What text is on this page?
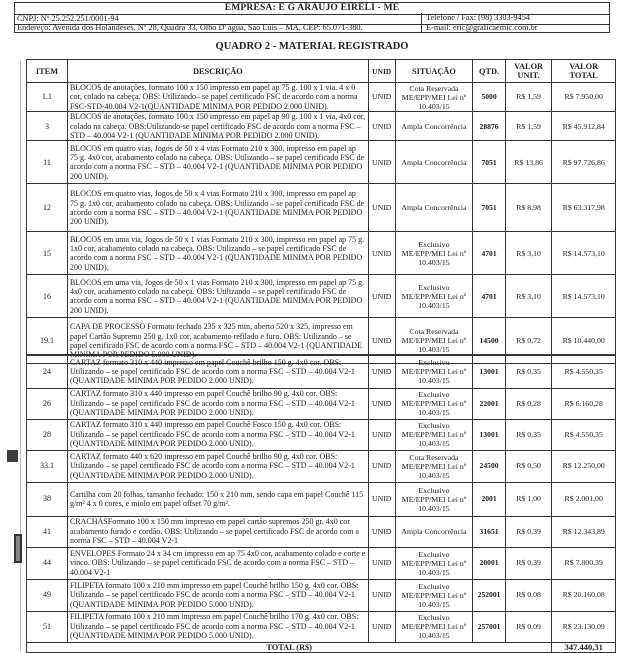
EMPRESA: E G ARAUJO EIRELI - ME
CNPJ: Nº 25.252.251/0001-94	Telefone / Fax: (98) 3303-9454
Endereço: Avenida dos Holandeses, Nº 28, Quadra 33, Olho D' água, São Luis – MA, CEP: 65.071-380.	E-mail: eric@graficaemic.com.br
QUADRO 2 - MATERIAL REGISTRADO
ITEM	DESCRIÇÃO	UNID	SITUAÇÃO	QTD.	VALOR UNIT.	VALOR TOTAL
1.1	BLOCOS de anotações, formato 100 x 150 impresso em papel ap 75 g. 100 x 1 via. 4 x 0 cor, colado na cabeça. OBS: Utilizando– se papel certificado FSC de acordo com a norma FSC-STD-40.004 V2-1(QUANTIDADE MINIMA POR PEDIDO 2.000 UNID).	UNID	Cota Reservada ME/EPP/MEI Lei nº 10.403/15	5000	R$ 1,59	R$ 7.950,00
3	BLOCOS de anotações, formato 100 x 150 impresso em papel ap 90 g. 100 x 1 via, 4x0 cor, colado na cabeça. OBS:Utilizando-se papel certificado FSC de acordo com a norma FSC – STD – 40.004 V2-1 (QUANTIDADE MINIMA POR PEDIDO 2.000 UNID).	UNID	Ampla Concorrência	28876	R$ 1,59	R$ 45.912,84
11	BLOCOS em quatro vias, Jogos de 50 x 4 vias Formato 210 x 300, impresso em papel ap 75 g. 4x0 cor, acabamento colado na cabeça. OBS: Utilizando – se papel certificado FSC de acordo com a norma FSC – STD – 40.004 V2-1 (QUANTIDADE MINIMA POR PEDIDO 200 UNID).	UNID	Ampla Concorrência	7051	R$ 13,86	R$ 97.726,86
12	BLOCOS em quatro vias, Jogos de 50 x 4 vias Formato 210 x 300, impresso em papel ap 75 g. 1x0 cor, acabamento colado na cabeça. OBS: Utilizando – se papel certificado FSC de acordo com a norma FSC – STD – 40.004 V2-1 (QUANTIDADE MINIMA POR PEDIDO 200 UNID).	UNID	Ampla Concorrência	7051	R$ 8,98	R$ 63.317,98
15	BLOCOS em uma via, Jogos de 50 x 1 vias Formato 210 x 300, impresso em papel ap 75 g. 1x0 cor, acabamento colado na cabeça. OBS: Utilizando – se papel certificado FSC de acordo com a norma FSC – STD – 40.004 V2-1 (QUANTIDADE MINIMA POR PEDIDO 200 UNID).	UNID	Exclusivo ME/EPP/MEI Lei nº 10.403/15	4701	R$ 3,10	R$ 14.573,10
16	BLOCOS em uma via, Jogos de 50 x 1 vias Formato 210 x 300, impresso em papel ap 75 g. 4x0 cor, acabamento colado na cabeça. OBS: Utilizando – se papel certificado FSC de acordo com a norma FSC – STD – 40.004 V2-1 (QUANTIDADE MINIMA POR PEDIDO 200 UNID).	UNID	Exclusivo ME/EPP/MEI Lei nº 10.403/15	4701	R$ 3,10	R$ 14.573,10
19.1	CAPA DE PROCESSO Formato fechado 235 x 325 mm, aberto 520 x 325, impresso em papel Cartão Supremo 250 g. 1x0 cor, acabamento refilado e furo. OBS: Utilizando – se papel certificado FSC de acordo com a norma FSC – STD – 40.004 V2-1 (QUANTIDADE MINIMA POR PEDIDO 5.000 UNID).	UNID	Cota Reservada ME/EPP/MEI Lei nº 10.403/15	14500	R$ 0,72	R$ 10.440,00
24	CARTAZ formato 310 x 440 impresso em papel Couchê brilho 150 g. 4x0 cor. OBS: Utilizando – se papel certificado FSC de acordo com a norma FSC – STD – 40.004 V2-1 (QUANTIDADE MINIMA POR PEDIDO 2.000 UNID).	UNID	Exclusivo ME/EPP/MEI Lei nº 10.403/15	13001	R$ 0,35	R$ 4.550,35
26	CARTAZ formato 310 x 440 impresso em papel Couchê brilho 90 g. 4x0 cor. OBS: Utilizando – se papel certificado FSC de acordo com a norma FSC – STD – 40.004 V2-1 (QUANTIDADE MINIMA POR PEDIDO 2.000 UNID).	UNID	Exclusivo ME/EPP/MEI Lei nº 10.403/15	22001	R$ 0,28	R$ 6.160,28
28	CARTAZ formato 310 x 440 impresso em papel Couchê Fosco 150 g. 4x0 cor. OBS: Utilizando – se papel certificado FSC de acordo com a norma FSC – STD – 40.004 V2-1 (QUANTIDADE MINIMA POR PEDIDO 2.000 UNID).	UNID	Exclusivo ME/EPP/MEI Lei nº 10.403/15	13001	R$ 0,35	R$ 4.550,35
33.1	CARTAZ formato 440 x 620 impresso em papel Couchê brilho 90 g. 4x0 cor. OBS: Utilizando – se papel certificado FSC de acordo com a norma FSC – STD – 40.004 V2-1 (QUANTIDADE MINIMA POR PEDIDO 2.000 UNID).	UNID	Cota Reservada ME/EPP/MEI Lei nº 10.403/15	24500	R$ 0,50	R$ 12.250,00
38	Cartilha com 20 folhas, tamanho fechado: 150 x 210 mm, sendo capa em papel Couchê 115 g/m² 4 x 0 cores, e miolo em papel offset 70 g/m².	UNID	Exclusivo ME/EPP/MEI Lei nº 10.403/15	2001	R$ 1,00	R$ 2.001,00
41	CRACHÁSFormato 100 x 150 mm impresso em papel cartão supremos 250 gr. 4x0 cor acabamento furado e cordão. OBS: Utilizando – se papel certificado FSC de acordo com a norma FSC – STD – 40.004 V2-1	UNID	Ampla Concorrência	31651	R$ 0,39	R$ 12.343,89
44	ENVELOPES Formato 24 x 34 cm impresso em ap 75 4x0 cor, acabamento colado e corte e vinco. OBS: Utilizando – se papel certificado FSC de acordo com a norma FSC – STD – 40.004 V2-1	UNID	Exclusivo ME/EPP/MEI Lei nº 10.403/15	20001	R$ 0,39	R$ 7.800,39
49	FILIPETA formato 100 x 210 mm impresso em papel Couchê brilho 150 g. 4x0 cor. OBS: Utilizando – se papel certificado FSC de acordo com a norma FSC – STD – 40.004 V2-1 (QUANTIDADE MINIMA POR PEDIDO 5.000 UNID).	UNID	Exclusivo ME/EPP/MEI Lei nº 10.403/15	252001	R$ 0,08	R$ 20.160,08
51	FILIPETA formato 100 x 210 mm impresso em papel Couchê brilho 170 g. 4x0 cor. OBS: Utilizando – se papel certificado FSC de acordo com a norma FSC – STD – 40.004 V2-1 (QUANTIDADE MINIMA POR PEDIDO 5.000 UNID).	UNID	Exclusivo ME/EPP/MEI Lei nº 10.403/15	257001	R$ 0,09	R$ 23.130,09
TOTAL (R$)						347.440,31
